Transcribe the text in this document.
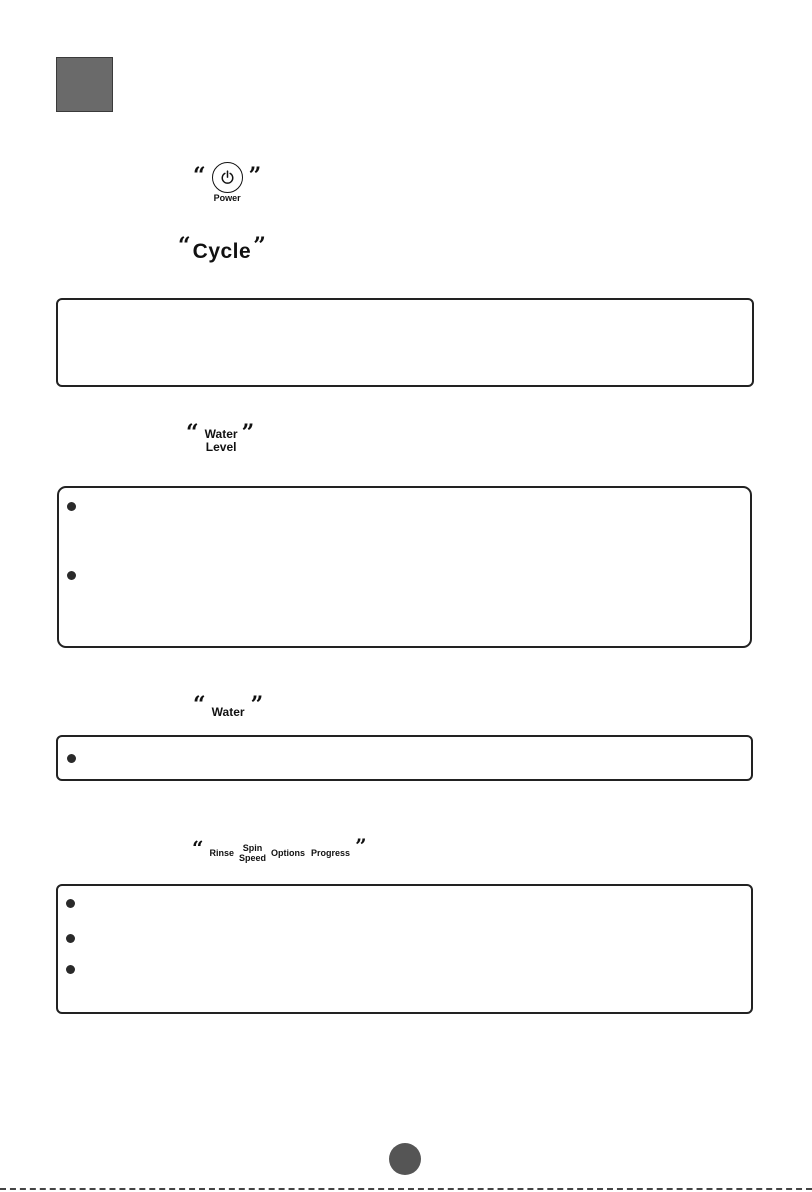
“
Power
”
“ Cycle ”
“ Water
Level
”
“ Water ”
“ Rinse Spin
Speed
Options Progress ”
